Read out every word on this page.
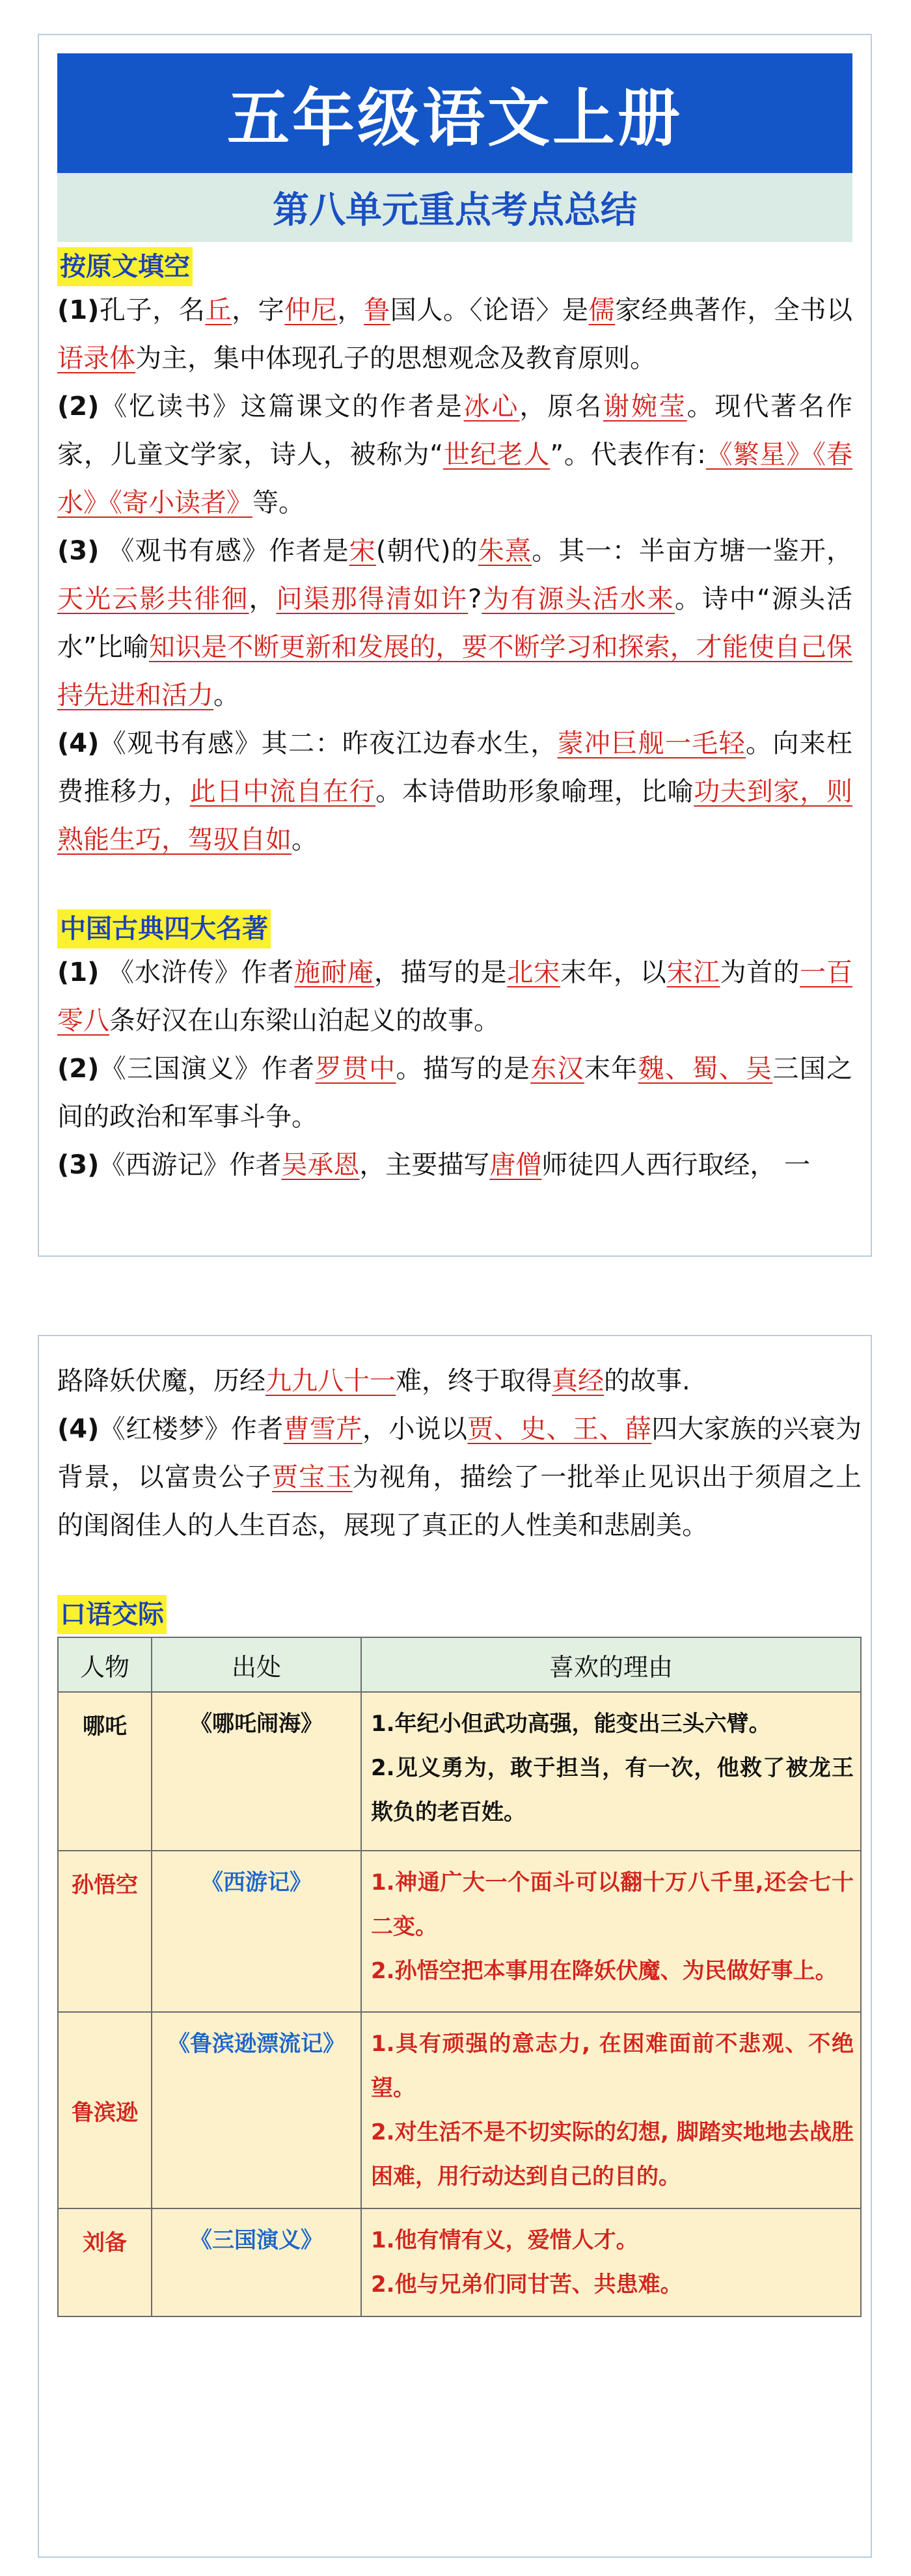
五年级语文上册
第八单元重点考点总结
按原文填空

(1)孔子，名丘，字仲尼，鲁国人。〈论语〉是儒家经典著作，全书以语录体为主，集中体现孔子的思想观念及教育原则。

(2)《忆读书》这篇课文的作者是冰心，原名谢婉莹。现代著名作家，儿童文学家，诗人，被称为“世纪老人”。代表作有:《繁星》《春水》《寄小读者》等。

(3) 《观书有感》作者是宋(朝代)的朱熹。其一：半亩方塘一鉴开，天光云影共徘徊，问渠那得清如许?为有源头活水来。诗中“源头活水”比喻知识是不断更新和发展的，要不断学习和探索，才能使自己保持先进和活力。

(4)《观书有感》其二：昨夜江边春水生，蒙冲巨舰一毛轻。向来枉费推移力，此日中流自在行。本诗借助形象喻理，比喻功夫到家，则熟能生巧，驾驭自如。

中国古典四大名著

(1) 《水浒传》作者施耐庵，描写的是北宋末年，以宋江为首的一百零八条好汉在山东梁山泊起义的故事。

(2)《三国演义》作者罗贯中。描写的是东汉末年魏、蜀、吴三国之间的政治和军事斗争。

(3)《西游记》作者吴承恩，主要描写唐僧师徒四人西行取经， 一

路降妖伏魔，历经九九八十一难，终于取得真经的故事.

(4)《红楼梦》作者曹雪芹，小说以贾、史、王、薛四大家族的兴衰为背景，以富贵公子贾宝玉为视角，描绘了一批举止见识出于须眉之上的闺阁佳人的人生百态，展现了真正的人性美和悲剧美。

口语交际
人物	出处	喜欢的理由
哪吒	《哪吒闹海》	1.年纪小但武功高强，能变出三头六臂。
2.见义勇为，敢于担当，有一次，他救了被龙王欺负的老百姓。

孙悟空	《西游记》	1.神通广大一个面斗可以翻十万八千里,还会七十二变。
2.孙悟空把本事用在降妖伏魔、为民做好事上。

鲁滨逊	《鲁滨逊漂流记》	1.具有顽强的意志力, 在困难面前不悲观、不绝望。
2.对生活不是不切实际的幻想, 脚踏实地地去战胜困难，用行动达到自己的目的。

刘备	《三国演义》	1.他有情有义，爱惜人才。
2.他与兄弟们同甘苦、共患难。
